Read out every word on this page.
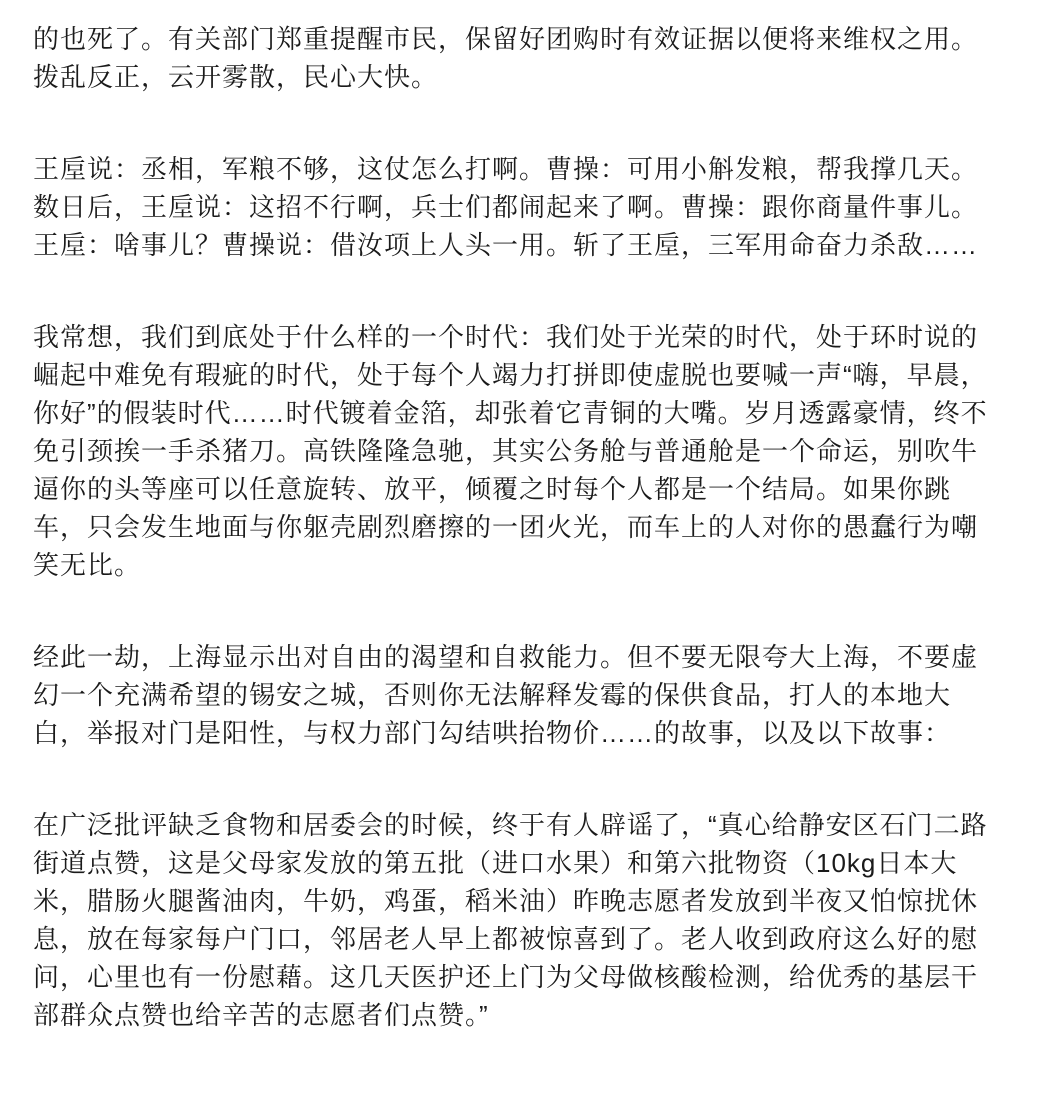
的也死了。有关部门郑重提醒市民，保留好团购时有效证据以便将来维权之用。
拨乱反正，云开雾散，民心大快。

王垕说：丞相，军粮不够，这仗怎么打啊。曹操：可用小斛发粮，帮我撑几天。
数日后，王垕说：这招不行啊，兵士们都闹起来了啊。曹操：跟你商量件事儿。
王垕：啥事儿？曹操说：借汝项上人头一用。斩了王垕，三军用命奋力杀敌……

我常想，我们到底处于什么样的一个时代：我们处于光荣的时代，处于环时说的
崛起中难免有瑕疵的时代，处于每个人竭力打拼即使虚脱也要喊一声“嗨，早晨，
你好”的假装时代……时代镀着金箔，却张着它青铜的大嘴。岁月透露豪情，终不
免引颈挨一手杀猪刀。高铁隆隆急驰，其实公务舱与普通舱是一个命运，别吹牛
逼你的头等座可以任意旋转、放平，倾覆之时每个人都是一个结局。如果你跳
车，只会发生地面与你躯壳剧烈磨擦的一团火光，而车上的人对你的愚蠢行为嘲
笑无比。

经此一劫，上海显示出对自由的渴望和自救能力。但不要无限夸大上海，不要虚
幻一个充满希望的锡安之城，否则你无法解释发霉的保供食品，打人的本地大
白，举报对门是阳性，与权力部门勾结哄抬物价……的故事，以及以下故事：

在广泛批评缺乏食物和居委会的时候，终于有人辟谣了，“真心给静安区石门二路
街道点赞，这是父母家发放的第五批（进口水果）和第六批物资（10kg日本大
米，腊肠火腿酱油肉，牛奶，鸡蛋，稻米油）昨晚志愿者发放到半夜又怕惊扰休
息，放在每家每户门口，邻居老人早上都被惊喜到了。老人收到政府这么好的慰
问，心里也有一份慰藉。这几天医护还上门为父母做核酸检测，给优秀的基层干
部群众点赞也给辛苦的志愿者们点赞。”
